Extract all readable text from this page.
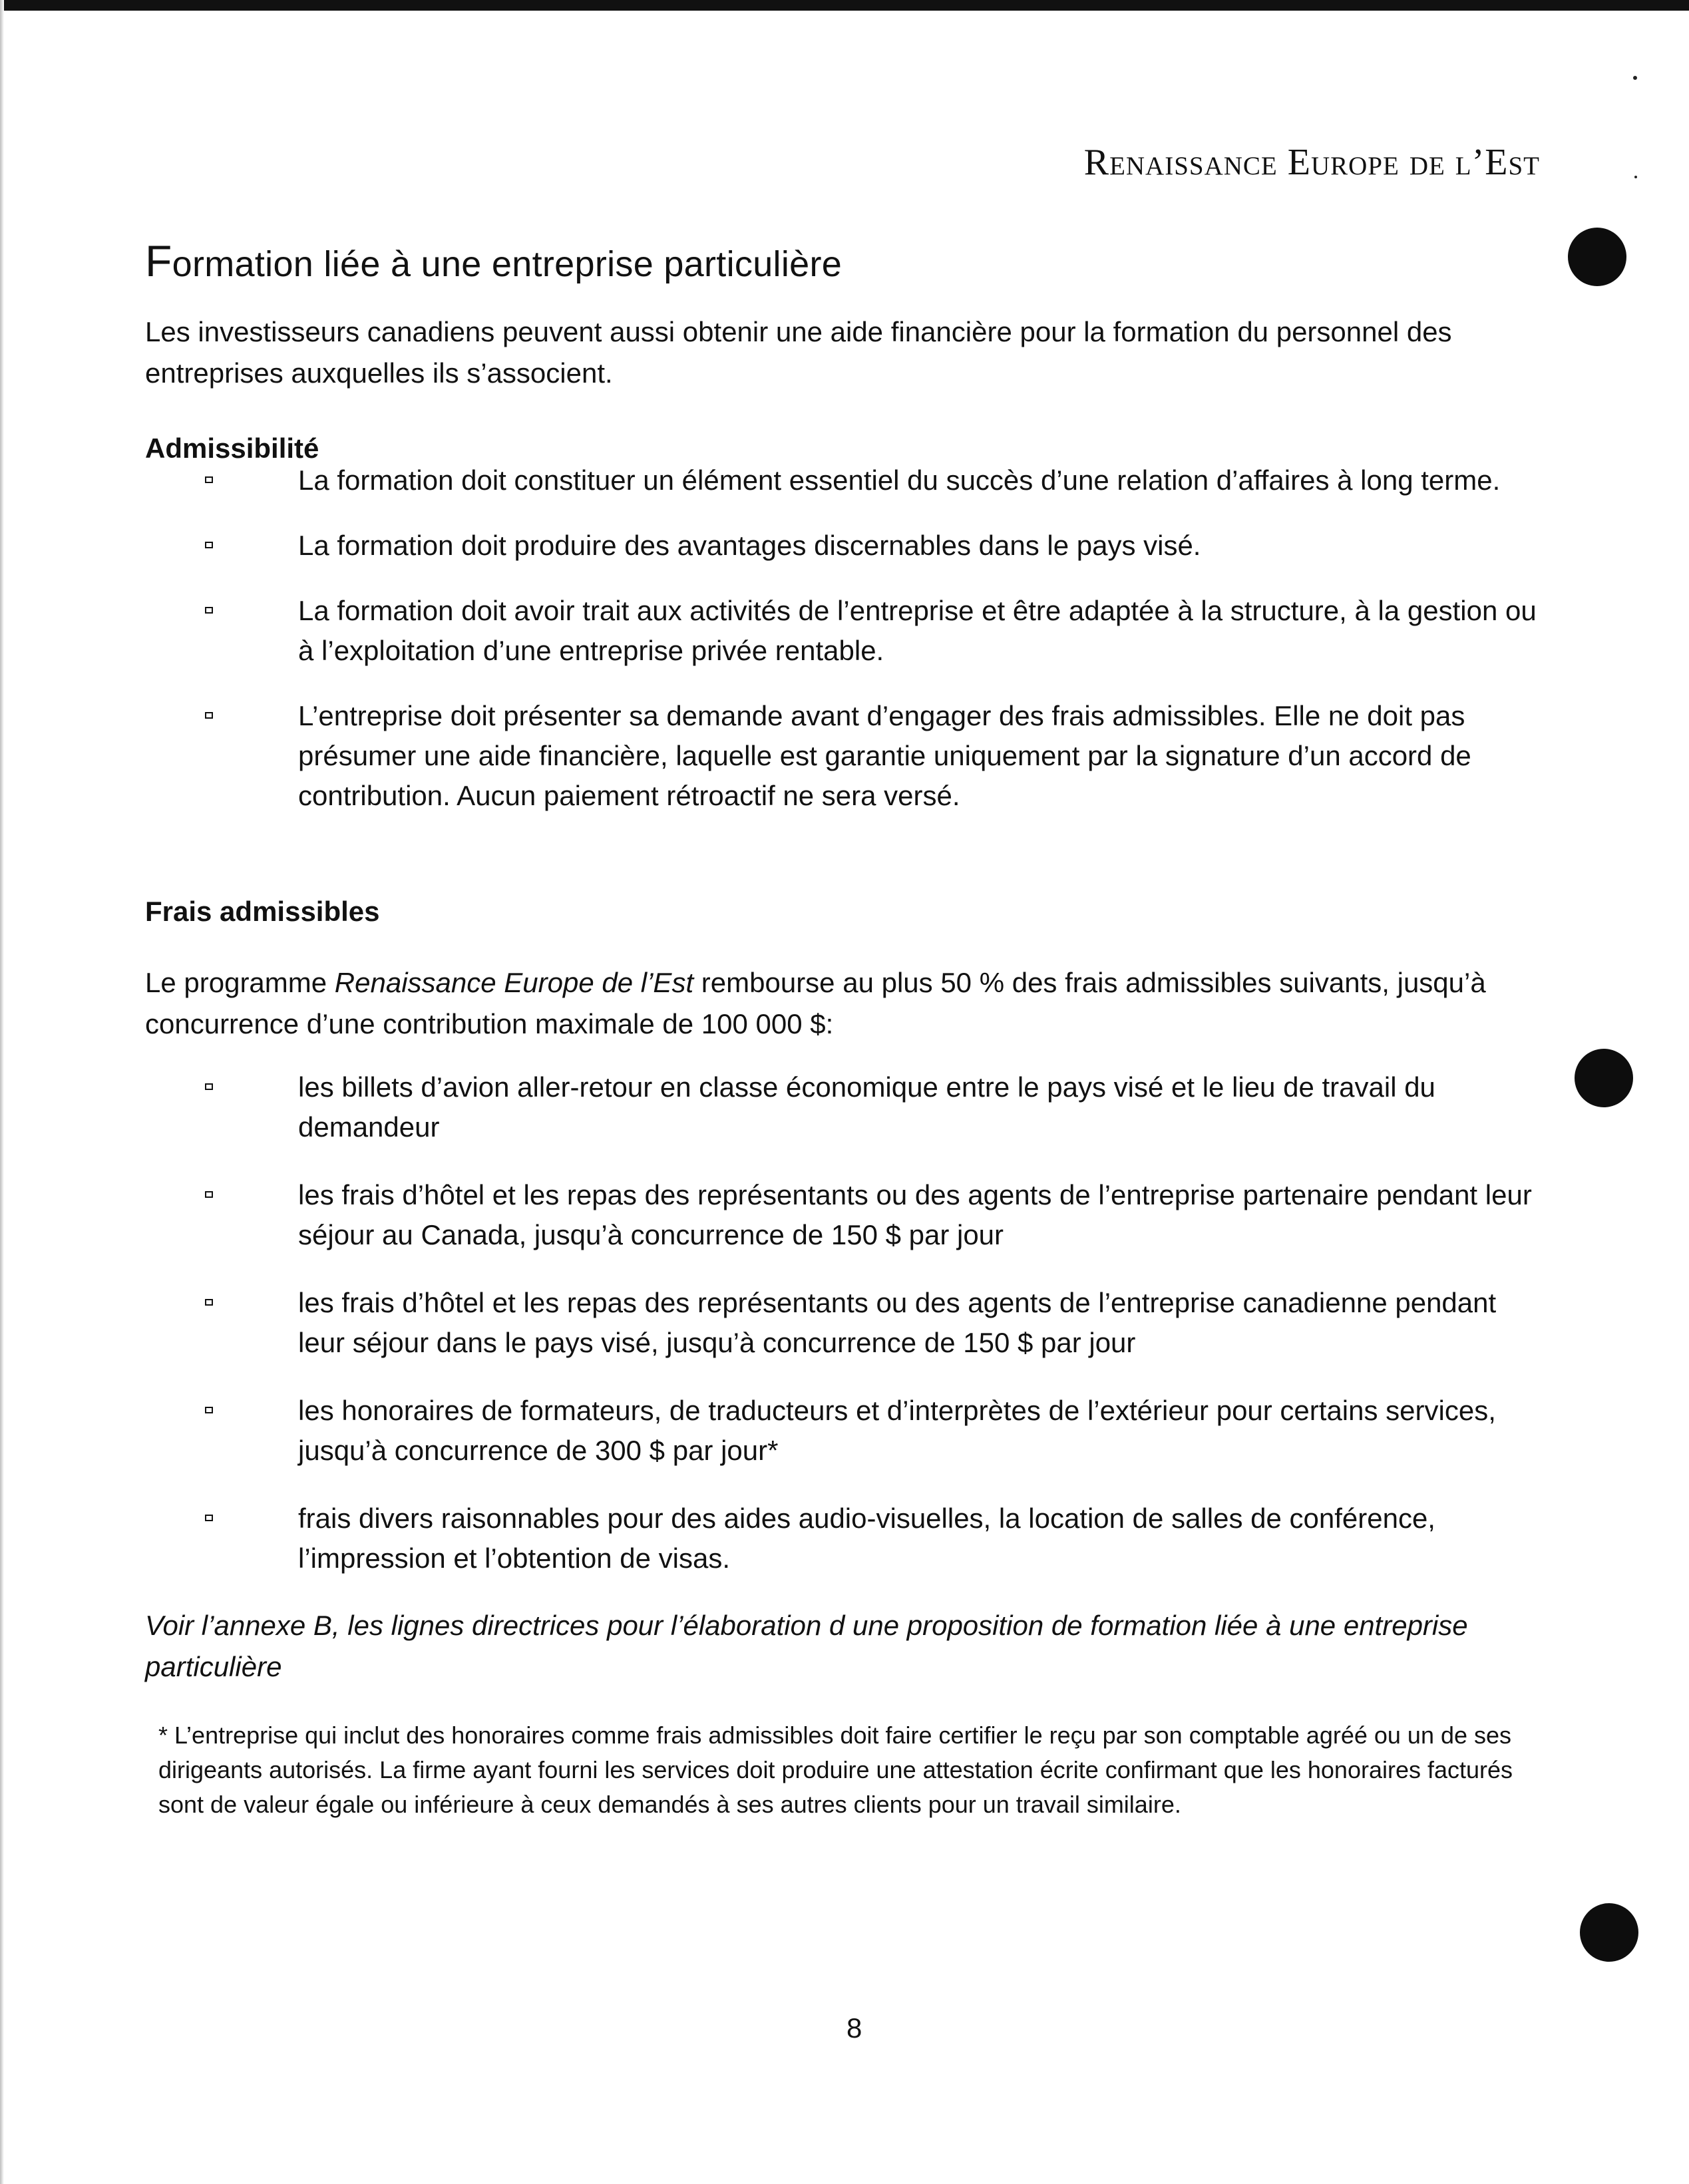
Renaissance Europe de l’Est
Formation liée à une entreprise particulière

Les investisseurs canadiens peuvent aussi obtenir une aide financière pour la formation du personnel des entreprises auxquelles ils s’associent.

Admissibilité
La formation doit constituer un élément essentiel du succès d’une relation d’affaires à long terme.
La formation doit produire des avantages discernables dans le pays visé.
La formation doit avoir trait aux activités de l’entreprise et être adaptée à la structure, à la gestion ou à l’exploitation d’une entreprise privée rentable.
L’entreprise doit présenter sa demande avant d’engager des frais admissibles. Elle ne doit pas présumer une aide financière, laquelle est garantie uniquement par la signature d’un accord de contribution. Aucun paiement rétroactif ne sera versé.
Frais admissibles

Le programme Renaissance Europe de l’Est rembourse au plus 50 % des frais admissibles suivants, jusqu’à concurrence d’une contribution maximale de 100 000 $:

les billets d’avion aller-retour en classe économique entre le pays visé et le lieu de travail du demandeur
les frais d’hôtel et les repas des représentants ou des agents de l’entreprise partenaire pendant leur séjour au Canada, jusqu’à concurrence de 150 $ par jour
les frais d’hôtel et les repas des représentants ou des agents de l’entreprise canadienne pendant leur séjour dans le pays visé, jusqu’à concurrence de 150 $ par jour
les honoraires de formateurs, de traducteurs et d’interprètes de l’extérieur pour certains services, jusqu’à concurrence de 300 $ par jour*
frais divers raisonnables pour des aides audio-visuelles, la location de salles de conférence, l’impression et l’obtention de visas.

Voir l’annexe B, les lignes directrices pour l’élaboration d une proposition de formation liée à une entreprise particulière

* L’entreprise qui inclut des honoraires comme frais admissibles doit faire certifier le reçu par son comptable agréé ou un de ses dirigeants autorisés. La firme ayant fourni les services doit produire une attestation écrite confirmant que les honoraires facturés sont de valeur égale ou inférieure à ceux demandés à ses autres clients pour un travail similaire.

8
